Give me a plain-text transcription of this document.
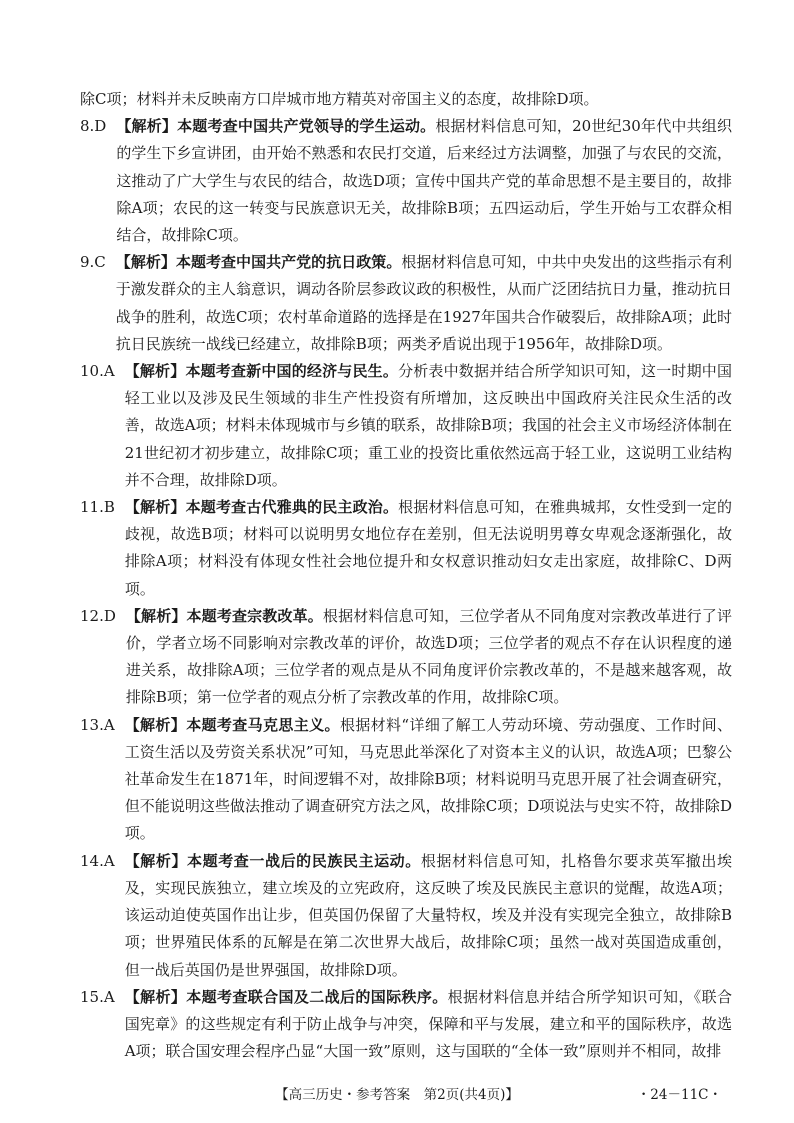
除C项；材料并未反映南方口岸城市地方精英对帝国主义的态度，故排除D项。

8.D 【解析】本题考查中国共产党领导的学生运动。根据材料信息可知，20世纪30年代中共组织的学生下乡宣讲团，由开始不熟悉和农民打交道，后来经过方法调整，加强了与农民的交流，这推动了广大学生与农民的结合，故选D项；宣传中国共产党的革命思想不是主要目的，故排除A项；农民的这一转变与民族意识无关，故排除B项；五四运动后，学生开始与工农群众相结合，故排除C项。
9.C 【解析】本题考查中国共产党的抗日政策。根据材料信息可知，中共中央发出的这些指示有利于激发群众的主人翁意识，调动各阶层参政议政的积极性，从而广泛团结抗日力量，推动抗日战争的胜利，故选C项；农村革命道路的选择是在1927年国共合作破裂后，故排除A项；此时抗日民族统一战线已经建立，故排除B项；两类矛盾说出现于1956年，故排除D项。
10.A 【解析】本题考查新中国的经济与民生。分析表中数据并结合所学知识可知，这一时期中国轻工业以及涉及民生领域的非生产性投资有所增加，这反映出中国政府关注民众生活的改善，故选A项；材料未体现城市与乡镇的联系，故排除B项；我国的社会主义市场经济体制在21世纪初才初步建立，故排除C项；重工业的投资比重依然远高于轻工业，这说明工业结构并不合理，故排除D项。
11.B 【解析】本题考查古代雅典的民主政治。根据材料信息可知，在雅典城邦，女性受到一定的歧视，故选B项；材料可以说明男女地位存在差别，但无法说明男尊女卑观念逐渐强化，故排除A项；材料没有体现女性社会地位提升和女权意识推动妇女走出家庭，故排除C、D两项。
12.D 【解析】本题考查宗教改革。根据材料信息可知，三位学者从不同角度对宗教改革进行了评价，学者立场不同影响对宗教改革的评价，故选D项；三位学者的观点不存在认识程度的递进关系，故排除A项；三位学者的观点是从不同角度评价宗教改革的，不是越来越客观，故排除B项；第一位学者的观点分析了宗教改革的作用，故排除C项。
13.A 【解析】本题考查马克思主义。根据材料“详细了解工人劳动环境、劳动强度、工作时间、工资生活以及劳资关系状况”可知，马克思此举深化了对资本主义的认识，故选A项；巴黎公社革命发生在1871年，时间逻辑不对，故排除B项；材料说明马克思开展了社会调查研究，但不能说明这些做法推动了调查研究方法之风，故排除C项；D项说法与史实不符，故排除D项。
14.A 【解析】本题考查一战后的民族民主运动。根据材料信息可知，扎格鲁尔要求英军撤出埃及，实现民族独立，建立埃及的立宪政府，这反映了埃及民族民主意识的觉醒，故选A项；该运动迫使英国作出让步，但英国仍保留了大量特权，埃及并没有实现完全独立，故排除B项；世界殖民体系的瓦解是在第二次世界大战后，故排除C项；虽然一战对英国造成重创，但一战后英国仍是世界强国，故排除D项。
15.A 【解析】本题考查联合国及二战后的国际秩序。根据材料信息并结合所学知识可知，《联合国宪章》的这些规定有利于防止战争与冲突，保障和平与发展，建立和平的国际秩序，故选A项；联合国安理会程序凸显“大国一致”原则，这与国联的“全体一致”原则并不相同，故排
【高三历史・参考答案　第2页(共4页)】	・24－11C・
